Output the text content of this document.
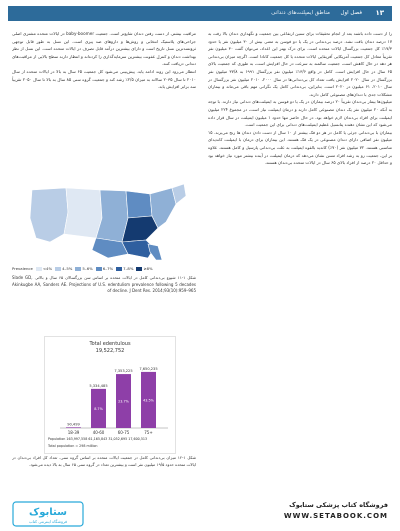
۱۳
فصل اول
مناطق ایمپلنت‌های دندانی

را از دست داده باشند بعد از انجام تحقیقات برای سنین ارتفاعی بین جمعیت و نگهداری دندان بالا رفت به ۱۷ درصد دندان بافت نشد. درصد بی‌دندانی در یک یا دو فوسن به معنی بیش از ۳۰ میلیون نفر یا حدود ۱۷/۳٪ کل جمعیت بزرگسال ایالات متحده است. برای درک بهتر این اعداد، می‌توان گفت ۳۰ میلیون نفر تقریباً معادل کل جمعیت آمریکایی آفریقایی ایالات متحده یا کل جمعیت کانادا است. اگرچه میزان بی‌دندانی هر دهه در حال کاهش است، جمعیت سالمند به سرعت در حال افزایش است، به طوری که جمعیت بالای ۶۵ سال در حال افزایش است. کامل در واقع ۱۳/۶٪ میلیون نفر بزرگسال ۱۹۹۱ به ۳۷/۸ میلیون نفر بزرگسال در سال ۲۰۲۰ افزایش یافت تعداد کل بی‌دندانی‌ها در سال ۲۰۰۰، ۲۰۱۰ میلیون نفر بزرگسال در سال ۲۰۱۰، ۶۱ میلیون در ۲۰۲۰ است. بنابراین، بی‌دندانی کامل یک نگرانی مهم باقی می‌ماند و بیماران مشکلات جدی با دندان‌های مصنوعی کامل دارند.

میلیون‌ها بیمار بی‌دندان تقریباً ۲۰ درصد بیماران در یک یا دو فوسن به ایمپلنت‌های دندانی نیاز دارند. با توجه به آنکه ۲۰ میلیون نفر یک دندان مصنوعی کامل دارند و درمان ایمپلنت نیاز است، در مجموع ۲۲۴ میلیون ایمپلنت برای افراد بی‌دندان لازم خواهد بود. در حال حاضر تنها حدود ۱ میلیون ایمپلنت در سال قرار داده می‌شود که این نشان دهنده پتانسیل عظیم ایمپلنت‌های دندانی برای این جمعیت است.

بیماران با بی‌دندانی جزئی یا کامل در هر دو فک بیشتر از ۱۰ سال از دست دادن دندان ها رنج می‌برند. ۱۵ میلیون نفر اضافی دارای دندان مصنوعی در یک فک هستند. این بیماران برای درمان با ایمپلنت کاندیدای مناسبی هستند. ۷۲ میلیون نفر (۷۰٪) کاندید بالقوه ایمپلنت به علت بی‌دندانی پارسیل و کامل هستند. علاوه بر این، جمعیت رو به رشد افراد مسن نشان می‌دهد که درمان ایمپلنت در آینده بیشتر مورد نیاز خواهد بود و حداقل ۲۰ درصد از افراد بالای ۶۵ سال در ایالات متحده بی‌دندان هستند.

مراقبت بیشتر، از دست رفتن دندان شایع‌تر است. جمعیت baby-boomer در ایالات متحده مشتری اصلی جراحی‌های پلاستیک انتخابی و روش‌ها و داروهای ضد پیری است. این نسل به طور قابل توجهی ثروتمندترین نسل تاریخ است و دارای بیشترین درآمد قابل تصرف در ایالات متحده است. این نسل از نظر بهداشت دندان و کنترل عفونت بیشترین سرمایه‌گذاری را کرده‌اند و انتظار دارند سطح بالایی از مراقبت‌های دندانی دریافت کنند.

انتظار می‌رود این روند ادامه یابد. پیش‌بینی می‌شود کل جمعیت ۶۵ سال به بالا در ایالات متحده از سال ۲۰۱۰ تا سال ۲۰۳۵ سالانه به میزان ۲/۵٪ رشد کند و جمعیت گروه سنی ۸۵ سال به بالا تا سال ۲۰۵۰ تقریباً سه برابر افزایش یابد.

Prevalence	<4%	4–5%	5–6%	6–7%	7–8%	≥8%
شکل ۱-۱۱ شیوع بی‌دندانی کامل در ایالات متحده بر اساس سن بزرگسالان ۶۵ سال و بالاتر. Slade GD, Akinkugbe AA, Sanders AE. Projections of U.S. edentulism prevalence following 5 decades of decline. J Dent Res. 2014;93(10):959–965
Total edentulous
19,522,752
90,499
18-39
5,334,485
8.7%
40-60
7,353,225
23.7%
60-75
7,650,235
43.5%
75+
Population 163,997,558 61,165,843 31,052,695 17,600,513
Total population = 298 million
شکل ۱-۱۲ میزان بی‌دندانی کامل در جمعیت ایالات متحده بر اساس گروه سنی. تعداد کل افراد بی‌دندان در ایالات متحده حدود ۱۹/۵ میلیون نفر است و بیشترین تعداد در گروه سنی ۶۵ سال به بالا دیده می‌شود.
ستابوک
فروشگاه اینترنتی کتاب
فروشگاه کتاب پزشکی ستابوک
WWW.SETABOOK.COM
